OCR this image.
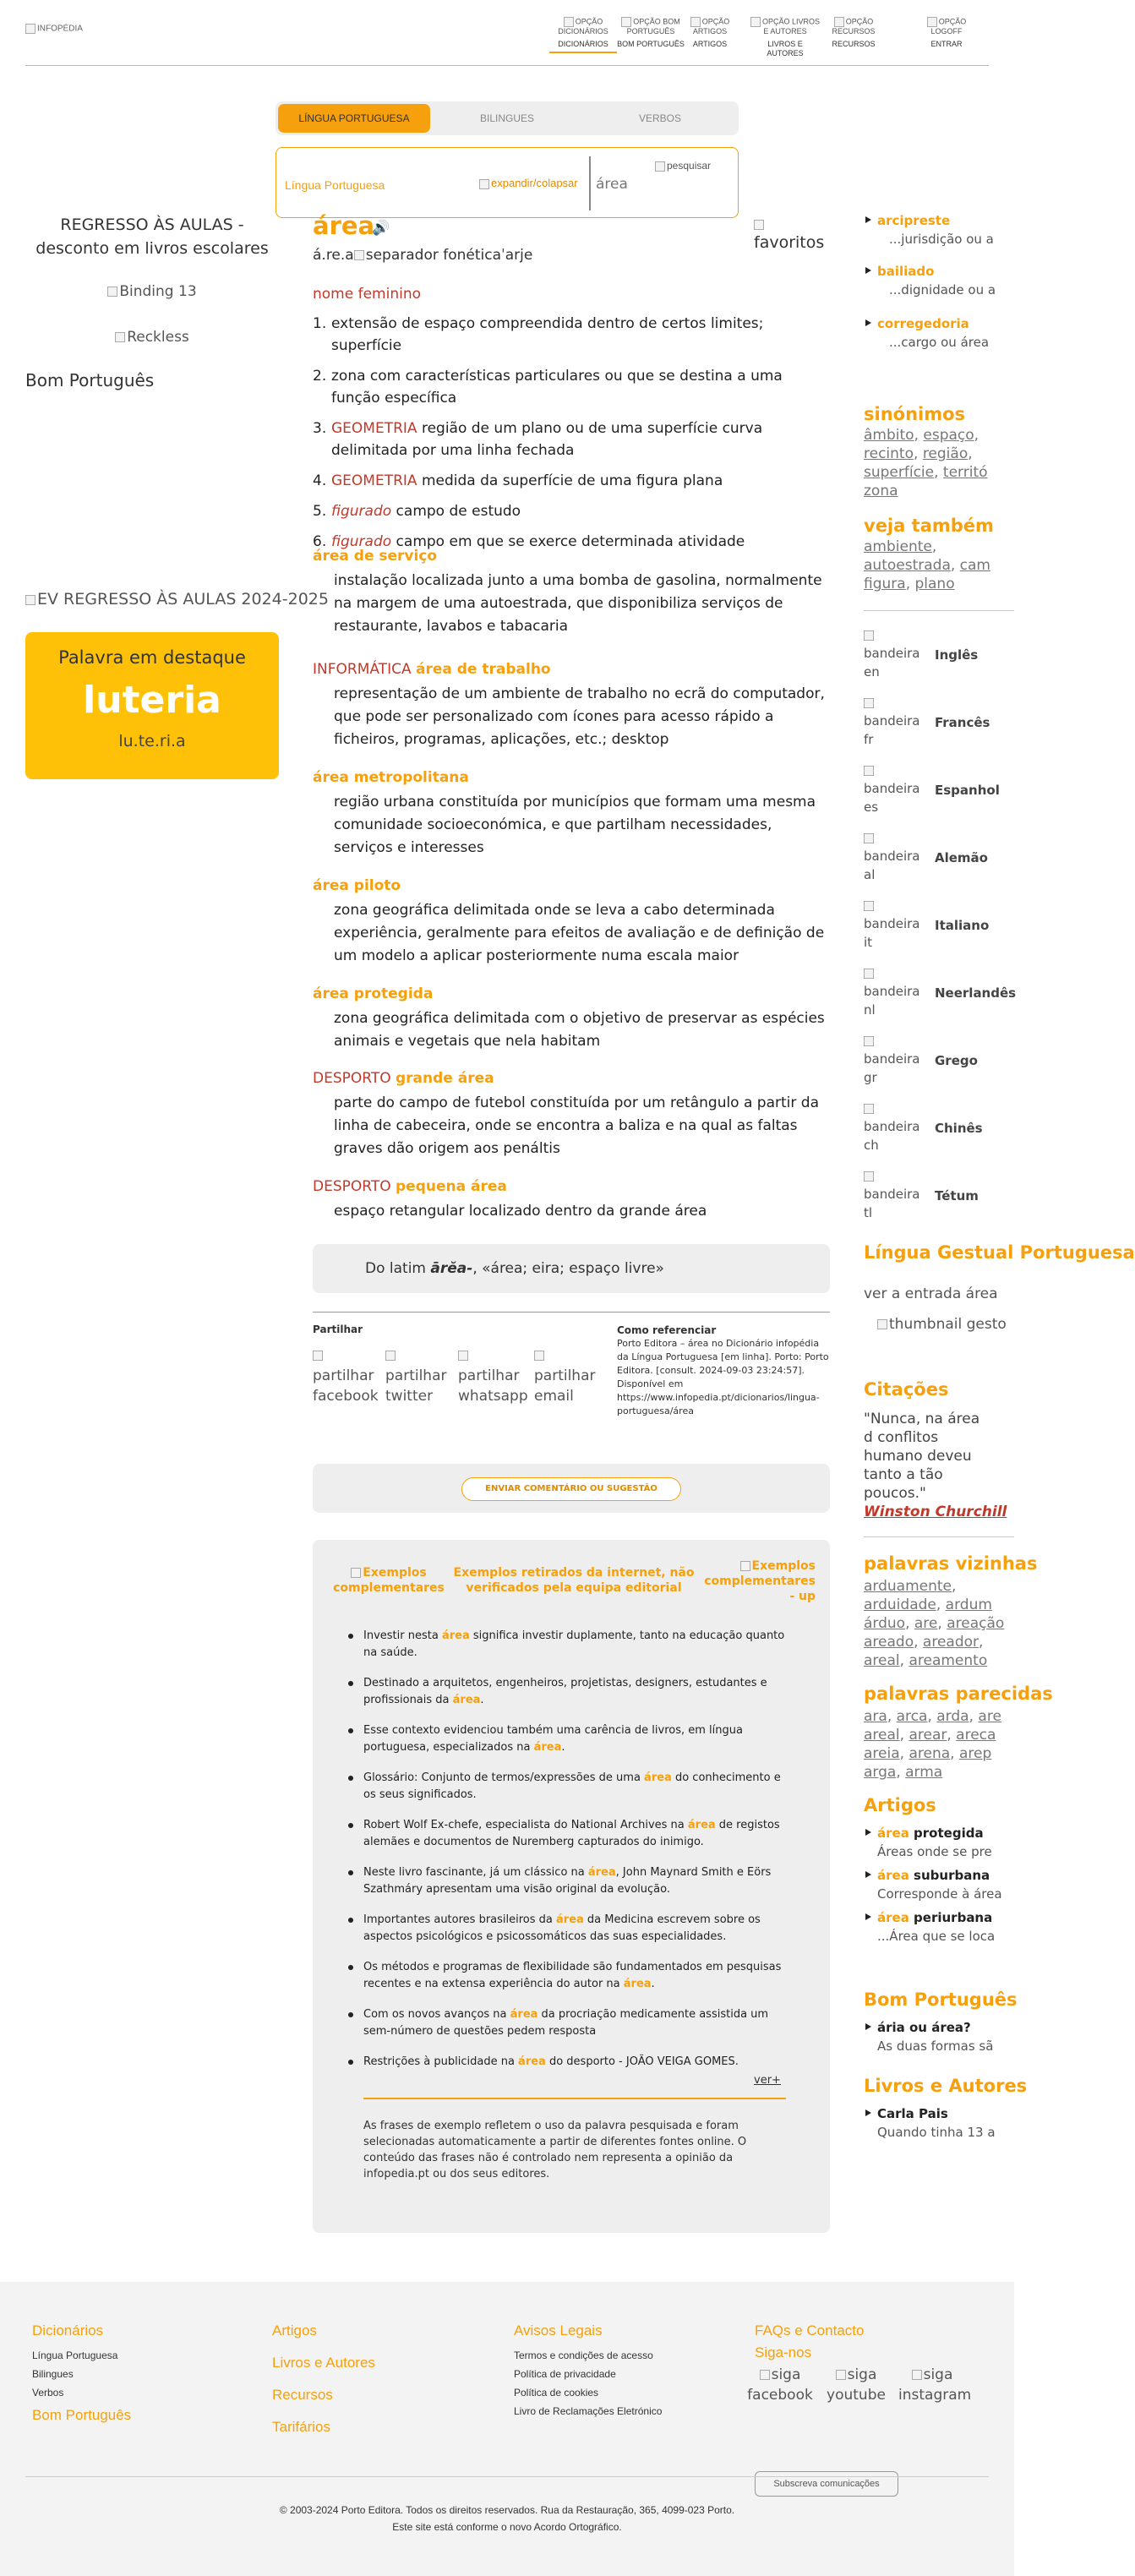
INFOPÉDIA
OPÇÃO DICIONÁRIOS
DICIONÁRIOS
OPÇÃO BOM PORTUGUÊS
BOM PORTUGUÊS
OPÇÃO ARTIGOS
ARTIGOS
OPÇÃO LIVROS E AUTORES
LIVROS E AUTORES
OPÇÃO RECURSOS
RECURSOS
OPÇÃO LOGOFF
ENTRAR
LÍNGUA PORTUGUESA	BILINGUES	VERBOS
Língua Portuguesa	expandir/colapsar
área
pesquisar
REGRESSO ÀS AULAS - desconto em livros escolares
Binding 13
Reckless
Bom Português
EV REGRESSO ÀS AULAS 2024-2025
Palavra em destaque
luteria
lu.te.ri.a
área
🔊
favoritos
á.re.a separador fonéticaˈarje
nome feminino
1. extensão de espaço compreendida dentro de certos limites; superfície
2. zona com características particulares ou que se destina a uma função específica
3. GEOMETRIA região de um plano ou de uma superfície curva delimitada por uma linha fechada
4. GEOMETRIA medida da superfície de uma figura plana
5. figurado campo de estudo
6. figurado campo em que se exerce determinada atividade
área de serviço
instalação localizada junto a uma bomba de gasolina, normalmente na margem de uma autoestrada, que disponibiliza serviços de restaurante, lavabos e tabacaria
INFORMÁTICA área de trabalho
representação de um ambiente de trabalho no ecrã do computador, que pode ser personalizado com ícones para acesso rápido a ficheiros, programas, aplicações, etc.; desktop
área metropolitana
região urbana constituída por municípios que formam uma mesma comunidade socioeconómica, e que partilham necessidades, serviços e interesses
área piloto
zona geográfica delimitada onde se leva a cabo determinada experiência, geralmente para efeitos de avaliação e de definição de um modelo a aplicar posteriormente numa escala maior
área protegida
zona geográfica delimitada com o objetivo de preservar as espécies animais e vegetais que nela habitam
DESPORTO grande área
parte do campo de futebol constituída por um retângulo a partir da linha de cabeceira, onde se encontra a baliza e na qual as faltas graves dão origem aos penáltis
DESPORTO pequena área
espaço retangular localizado dentro da grande área
Do latim ārĕa-, «área; eira; espaço livre»
Partilhar
partilhar facebook
partilhar twitter
partilhar whatsapp
partilhar email
Como referenciar
Porto Editora – área no Dicionário infopédia da Língua Portuguesa [em linha]. Porto: Porto Editora. [consult. 2024-09-03 23:24:57]. Disponível em https://www.infopedia.pt/dicionarios/lingua-portuguesa/área
ENVIAR COMENTÁRIO OU SUGESTÃO
Exemplos complementares
Exemplos retirados da internet, não verificados pela equipa editorial
Exemplos complementares - up
Investir nesta área significa investir duplamente, tanto na educação quanto na saúde.
Destinado a arquitetos, engenheiros, projetistas, designers, estudantes e profissionais da área.
Esse contexto evidenciou também uma carência de livros, em língua portuguesa, especializados na área.
Glossário: Conjunto de termos/expressões de uma área do conhecimento e os seus significados.
Robert Wolf Ex-chefe, especialista do National Archives na área de registos alemães e documentos de Nuremberg capturados do inimigo.
Neste livro fascinante, já um clássico na área, John Maynard Smith e Eörs Szathmáry apresentam uma visão original da evolução.
Importantes autores brasileiros da área da Medicina escrevem sobre os aspectos psicológicos e psicossomáticos das suas especialidades.
Os métodos e programas de flexibilidade são fundamentados em pesquisas recentes e na extensa experiência do autor na área.
Com os novos avanços na área da procriação medicamente assistida um sem-número de questões pedem resposta
Restrições à publicidade na área do desporto - JOÃO VEIGA GOMES.
ver+
As frases de exemplo refletem o uso da palavra pesquisada e foram selecionadas automaticamente a partir de diferentes fontes online. O conteúdo das frases não é controlado nem representa a opinião da infopedia.pt ou dos seus editores.
arcipreste
...jurisdição ou a
bailiado
...dignidade ou a
corregedoria
...cargo ou área
sinónimos
âmbito, espaço,
recinto, região,
superfície, territó
zona
veja também
ambiente,
autoestrada, cam
figura, plano
bandeira en
Inglês
bandeira fr
Francês
bandeira es
Espanhol
bandeira al
Alemão
bandeira it
Italiano
bandeira nl
Neerlandês
bandeira gr
Grego
bandeira ch
Chinês
bandeira tl
Tétum
Língua Gestual Portuguesa
ver a entrada área
thumbnail gesto
Citações
"Nunca, na área d conflitos humano deveu tanto a tão poucos."
Winston Churchill
palavras vizinhas
arduamente,
arduidade, ardum
árduo, are, areação
areado, areador,
areal, areamento
palavras parecidas
ara, arca, arda, are
areal, arear, areca
areia, arena, arep
arga, arma
Artigos
área protegida
Áreas onde se pre
área suburbana
Corresponde à área
área periurbana
...Área que se loca
Bom Português
ária ou área?
As duas formas sã
Livros e Autores
Carla Pais
Quando tinha 13 a
Dicionários
Língua Portuguesa
Bilingues
Verbos
Bom Português
Artigos
Livros e Autores
Recursos
Tarifários
Avisos Legais
Termos e condições de acesso
Política de privacidade
Política de cookies
Livro de Reclamações Eletrónico
FAQs e Contacto
Siga-nos
siga facebook
siga youtube
siga instagram
Subscreva comunicações
© 2003-2024 Porto Editora. Todos os direitos reservados. Rua da Restauração, 365, 4099-023 Porto.
Este site está conforme o novo Acordo Ortográfico.
